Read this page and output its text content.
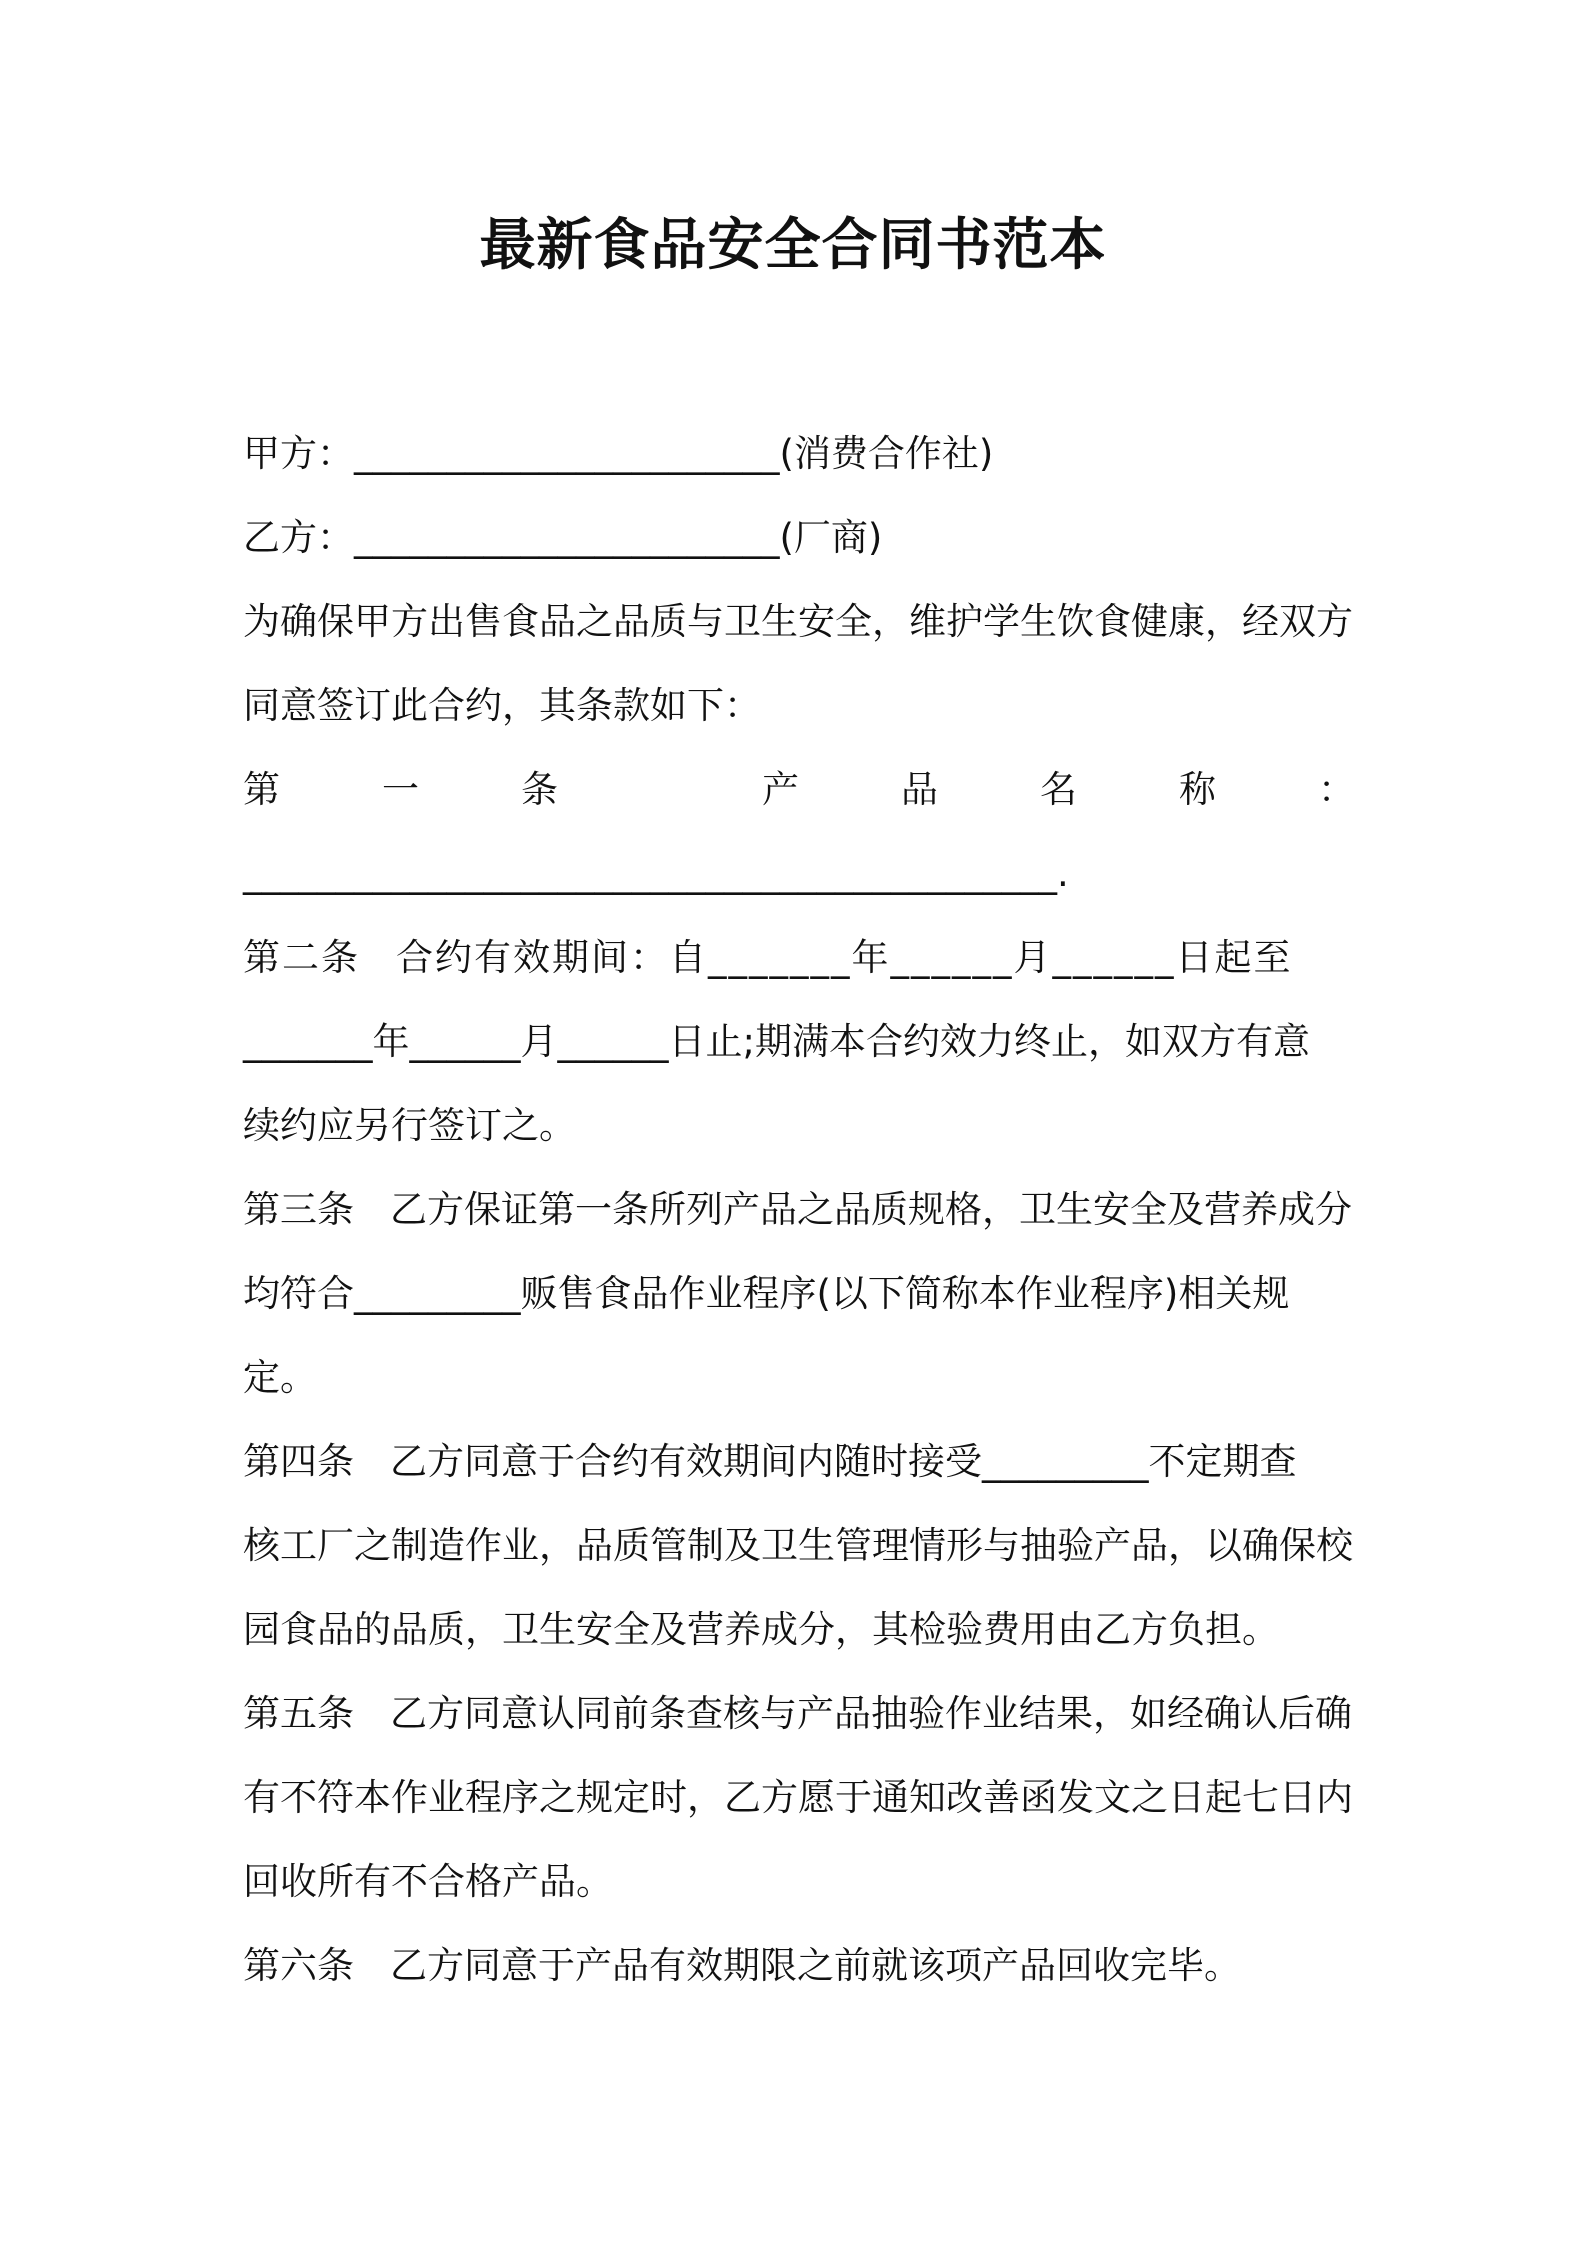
最新食品安全合同书范本
甲方：_______________________(消费合作社)
乙方：_______________________(厂商)
为确保甲方出售食品之品质与卫生安全，维护学生饮食健康，经双方
同意签订此合约，其条款如下：
第	一	条	产	品	名	称	：
____________________________________________.
第二条 合约有效期间：自_______年______月______日起至
_______年______月______日止;期满本合约效力终止，如双方有意
续约应另行签订之。
第三条 乙方保证第一条所列产品之品质规格，卫生安全及营养成分
均符合_________贩售食品作业程序(以下简称本作业程序)相关规
定。
第四条 乙方同意于合约有效期间内随时接受_________不定期查
核工厂之制造作业，品质管制及卫生管理情形与抽验产品，以确保校
园食品的品质，卫生安全及营养成分，其检验费用由乙方负担。
第五条 乙方同意认同前条查核与产品抽验作业结果，如经确认后确
有不符本作业程序之规定时，乙方愿于通知改善函发文之日起七日内
回收所有不合格产品。
第六条 乙方同意于产品有效期限之前就该项产品回收完毕。
